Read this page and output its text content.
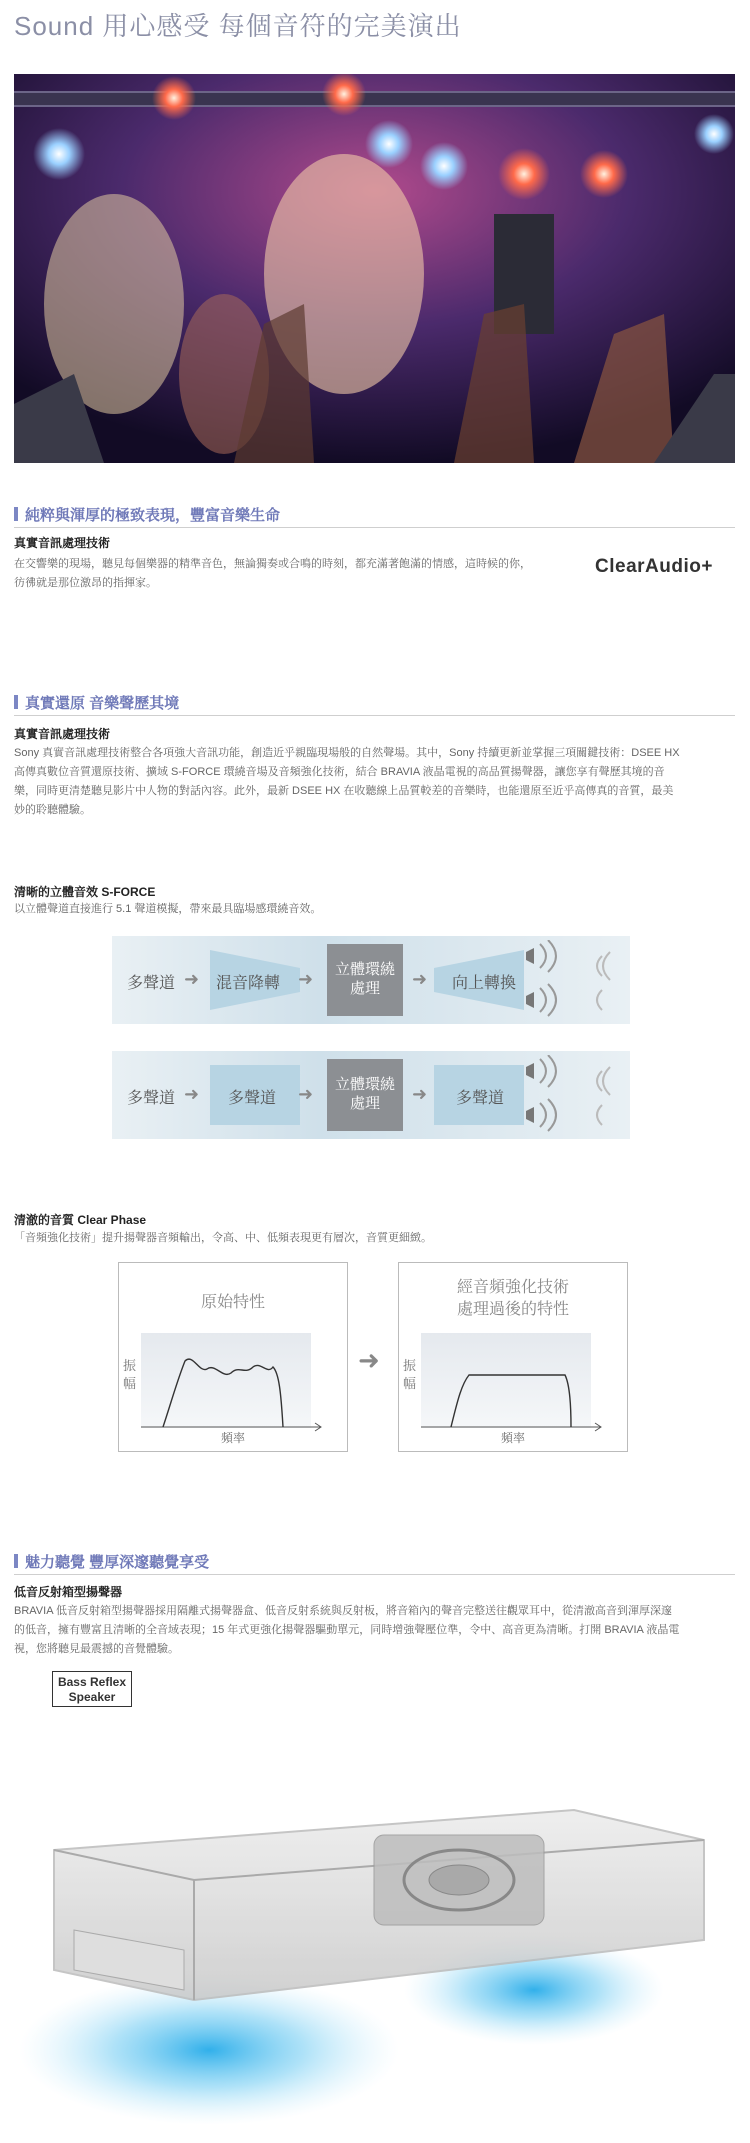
Sound 用心感受 每個音符的完美演出
純粹與渾厚的極致表現，豐富音樂生命
真實音訊處理技術
在交響樂的現場，聽見每個樂器的精準音色，無論獨奏或合鳴的時刻，都充滿著飽滿的情感，這時候的你，
彷彿就是那位激昂的指揮家。
ClearAudio+
真實還原 音樂聲歷其境
真實音訊處理技術
Sony 真實音訊處理技術整合各項強大音訊功能，創造近乎親臨現場般的自然聲場。其中，Sony 持續更新並掌握三項關鍵技術：DSEE HX
高傳真數位音質還原技術、擴域 S-FORCE 環繞音場及音頻強化技術，結合 BRAVIA 液晶電視的高品質揚聲器，讓您享有聲歷其境的音
樂，同時更清楚聽見影片中人物的對話內容。此外，最新 DSEE HX 在收聽線上品質較差的音樂時，也能還原至近乎高傳真的音質，最美
妙的聆聽體驗。
清晰的立體音效 S-FORCE
以立體聲道直接進行 5.1 聲道模擬，帶來最具臨場感環繞音效。
多聲道 ➜ 混音降轉 ➜	立體環繞
處理	➜ 向上轉換
多聲道 ➜ 多聲道 ➜	立體環繞
處理	➜ 多聲道
清澈的音質 Clear Phase
「音頻強化技術」提升揚聲器音頻輸出，令高、中、低頻表現更有層次，音質更細緻。
原始特性
振
幅
頻率
➜
經音頻強化技術
處理過後的特性
振
幅
頻率
魅力聽覺 豐厚深邃聽覺享受
低音反射箱型揚聲器
BRAVIA 低音反射箱型揚聲器採用隔離式揚聲器盒、低音反射系統與反射板，將音箱內的聲音完整送往觀眾耳中，從清澈高音到渾厚深邃
的低音，擁有豐富且清晰的全音域表現；15 年式更強化揚聲器驅動單元，同時增強聲壓位準，令中、高音更為清晰。打開 BRAVIA 液晶電
視，您將聽見最震撼的音覺體驗。
Bass Reflex
Speaker
